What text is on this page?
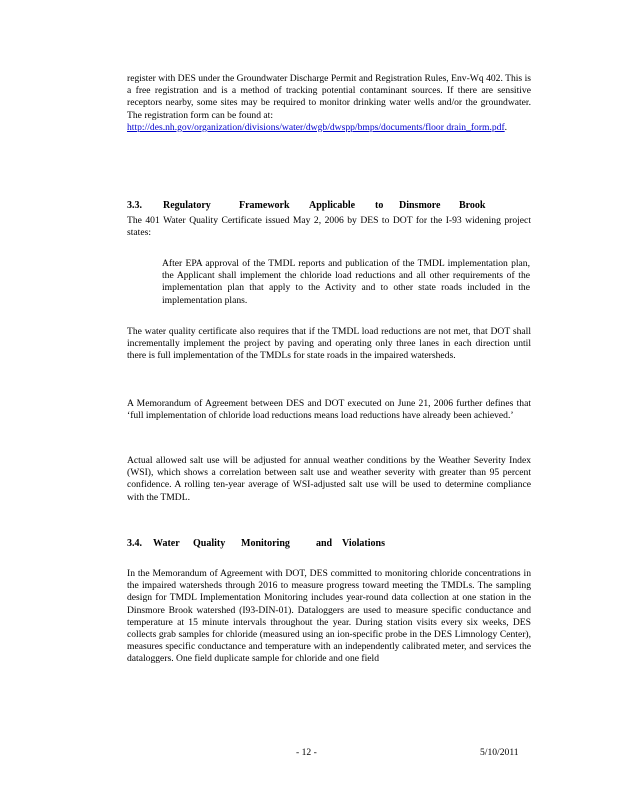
register with DES under the Groundwater Discharge Permit and Registration Rules, Env-Wq 402. This is a free registration and is a method of tracking potential contaminant sources. If there are sensitive receptors nearby, some sites may be required to monitor drinking water wells and/or the groundwater. The registration form can be found at:
http://des.nh.gov/organization/divisions/water/dwgb/dwspp/bmps/documents/floor drain_form.pdf.

3.3. Regulatory	Framework Applicable to Dinsmore Brook

The 401 Water Quality Certificate issued May 2, 2006 by DES to DOT for the I-93 widening project states:

After EPA approval of the TMDL reports and publication of the TMDL implementation plan, the Applicant shall implement the chloride load reductions and all other requirements of the implementation plan that apply to the Activity and to other state roads included in the implementation plans.

The water quality certificate also requires that if the TMDL load reductions are not met, that DOT shall incrementally implement the project by paving and operating only three lanes in each direction until there is full implementation of the TMDLs for state roads in the impaired watersheds.

A Memorandum of Agreement between DES and DOT executed on June 21, 2006 further defines that ‘full implementation of chloride load reductions means load reductions have already been achieved.’

Actual allowed salt use will be adjusted for annual weather conditions by the Weather Severity Index (WSI), which shows a correlation between salt use and weather severity with greater than 95 percent confidence. A rolling ten-year average of WSI-adjusted salt use will be used to determine compliance with the TMDL.

3.4. Water Quality Monitoring	and Violations

In the Memorandum of Agreement with DOT, DES committed to monitoring chloride concentrations in the impaired watersheds through 2016 to measure progress toward meeting the TMDLs. The sampling design for TMDL Implementation Monitoring includes year-round data collection at one station in the Dinsmore Brook watershed (I93-DIN-01). Dataloggers are used to measure specific conductance and temperature at 15 minute intervals throughout the year. During station visits every six weeks, DES collects grab samples for chloride (measured using an ion-specific probe in the DES Limnology Center), measures specific conductance and temperature with an independently calibrated meter, and services the dataloggers. One field duplicate sample for chloride and one field

- 12 -	5/10/2011
